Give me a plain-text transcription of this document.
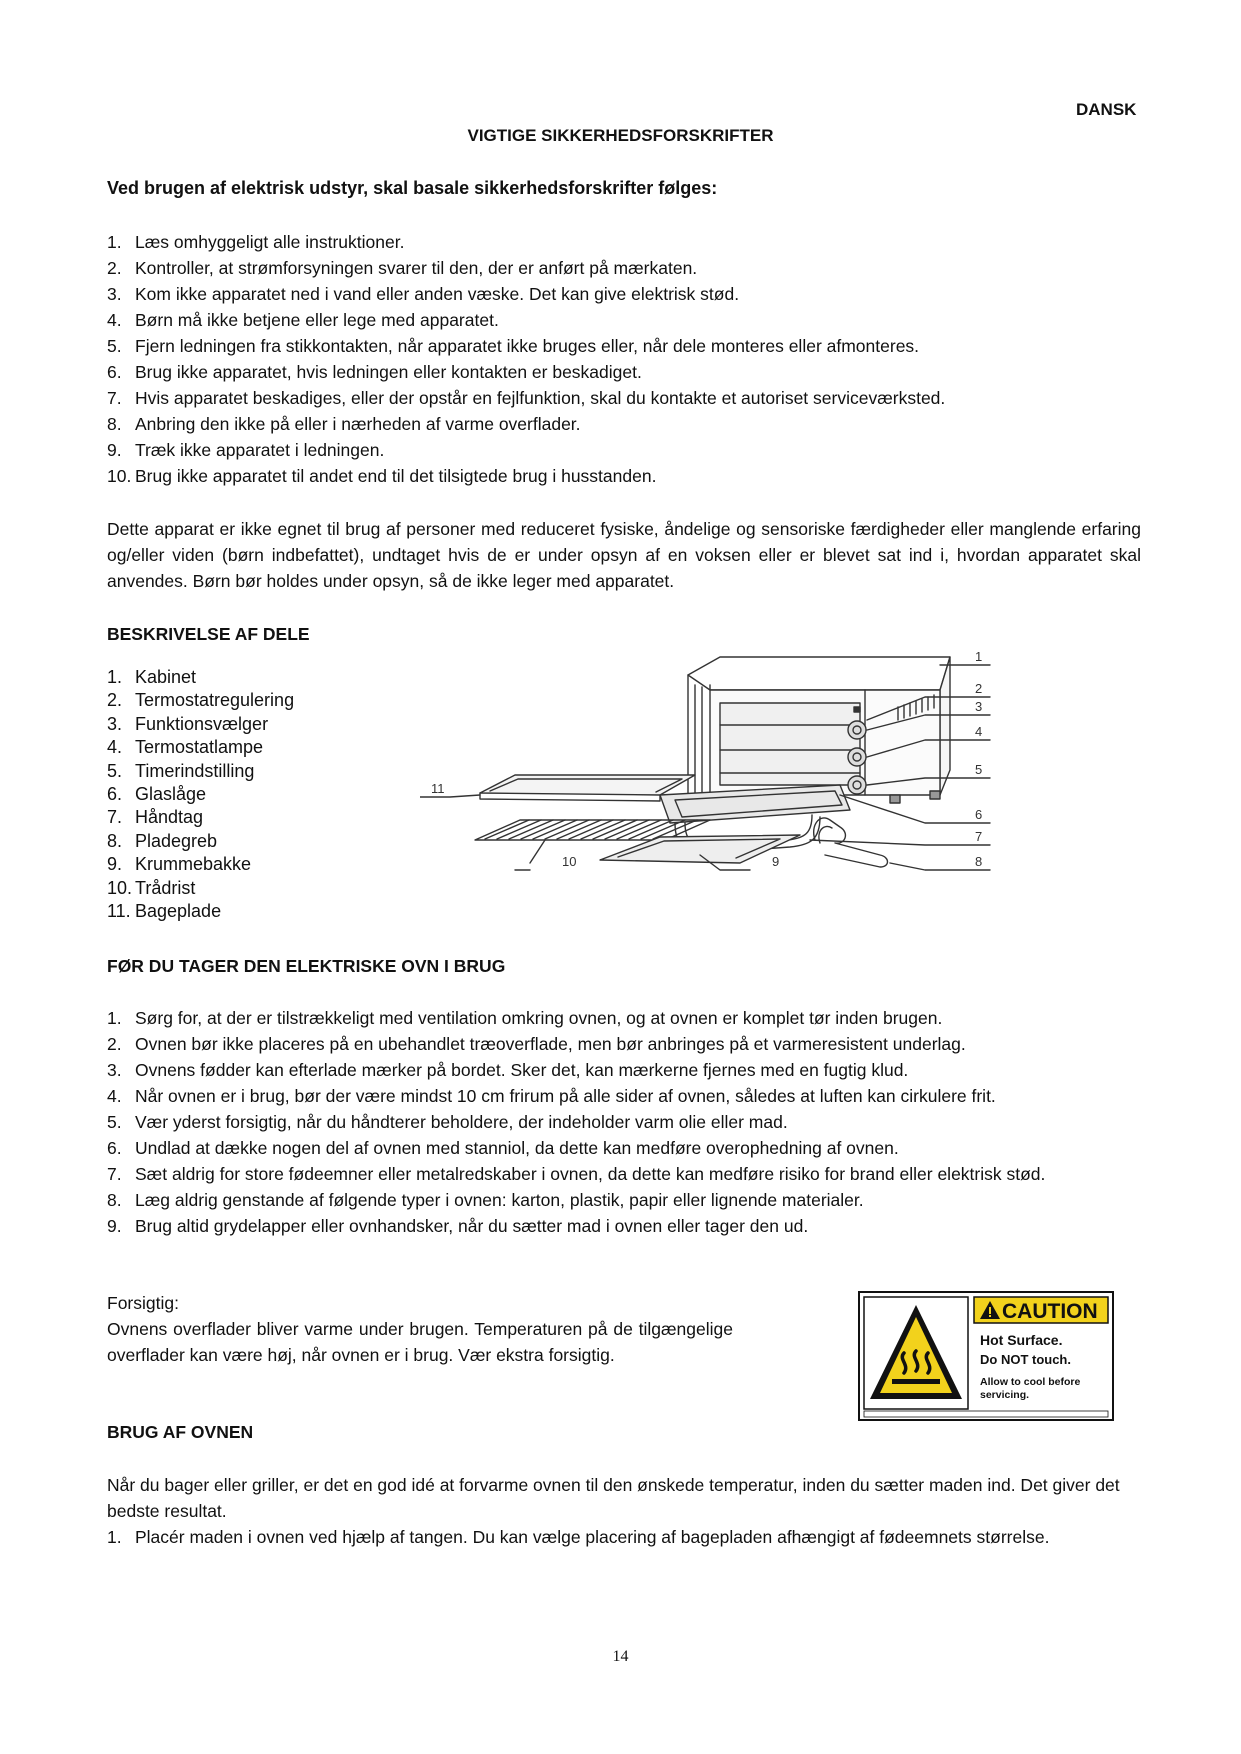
DANSK
VIGTIGE SIKKERHEDSFORSKRIFTER
Ved brugen af elektrisk udstyr, skal basale sikkerhedsforskrifter følges:
1. Læs omhyggeligt alle instruktioner.
2. Kontroller, at strømforsyningen svarer til den, der er anført på mærkaten.
3. Kom ikke apparatet ned i vand eller anden væske. Det kan give elektrisk stød.
4. Børn må ikke betjene eller lege med apparatet.
5. Fjern ledningen fra stikkontakten, når apparatet ikke bruges eller, når dele monteres eller afmonteres.
6. Brug ikke apparatet, hvis ledningen eller kontakten er beskadiget.
7. Hvis apparatet beskadiges, eller der opstår en fejlfunktion, skal du kontakte et autoriset serviceværksted.
8. Anbring den ikke på eller i nærheden af varme overflader.
9. Træk ikke apparatet i ledningen.
10. Brug ikke apparatet til andet end til det tilsigtede brug i husstanden.
Dette apparat er ikke egnet til brug af personer med reduceret fysiske, åndelige og sensoriske færdigheder eller manglende erfaring og/eller viden (børn indbefattet), undtaget hvis de er under opsyn af en voksen eller er blevet sat ind i, hvordan apparatet skal anvendes. Børn bør holdes under opsyn, så de ikke leger med apparatet.
BESKRIVELSE AF DELE
1. Kabinet
2. Termostatregulering
3. Funktionsvælger
4. Termostatlampe
5. Timerindstilling
6. Glaslåge
7. Håndtag
8. Pladegreb
9. Krummebakke
10. Trådrist
11. Bageplade
1
2
3
4
5
6
7
8
9
10
11
FØR DU TAGER DEN ELEKTRISKE OVN I BRUG
1. Sørg for, at der er tilstrækkeligt med ventilation omkring ovnen, og at ovnen er komplet tør inden brugen.
2. Ovnen bør ikke placeres på en ubehandlet træoverflade, men bør anbringes på et varmeresistent underlag.
3. Ovnens fødder kan efterlade mærker på bordet. Sker det, kan mærkerne fjernes med en fugtig klud.
4. Når ovnen er i brug, bør der være mindst 10 cm frirum på alle sider af ovnen, således at luften kan cirkulere frit.
5. Vær yderst forsigtig, når du håndterer beholdere, der indeholder varm olie eller mad.
6. Undlad at dække nogen del af ovnen med stanniol, da dette kan medføre overophedning af ovnen.
7. Sæt aldrig for store fødeemner eller metalredskaber i ovnen, da dette kan medføre risiko for brand eller elektrisk stød.
8. Læg aldrig genstande af følgende typer i ovnen: karton, plastik, papir eller lignende materialer.
9. Brug altid grydelapper eller ovnhandsker, når du sætter mad i ovnen eller tager den ud.
Forsigtig:
Ovnens overflader bliver varme under brugen. Temperaturen på de tilgængelige overflader kan være høj, når ovnen er i brug. Vær ekstra forsigtig.
CAUTION
Hot Surface.
Do NOT touch.
Allow to cool before
servicing.
BRUG AF OVNEN
Når du bager eller griller, er det en god idé at forvarme ovnen til den ønskede temperatur, inden du sætter maden ind. Det giver det bedste resultat.
1. Placér maden i ovnen ved hjælp af tangen. Du kan vælge placering af bagepladen afhængigt af fødeemnets størrelse.
14
